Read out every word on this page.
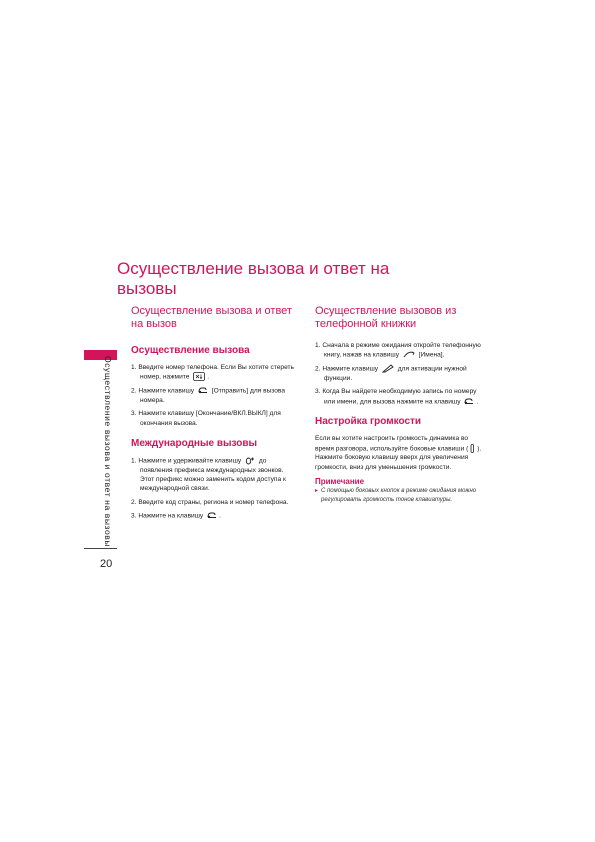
Осуществление вызова и ответ на вызовы
Осуществление вызова и ответ на вызовы
20
Осуществление вызова и ответ на вызов
Осуществление вызова
1. Введите номер телефона. Если Вы хотите стереть номер, нажмите	.
2. Нажмите клавишу	[Отправить] для вызова номера.
3. Нажмите клавишу [Окончание/ВКЛ.ВЫКЛ] для окончания вызова.
Международные вызовы
1. Нажмите и удерживайте клавишу	до появления префикса международных звонков. Этот префикс можно заменить кодом доступа к международной связи.
2. Введите код страны, региона и номер телефона.
3. Нажмите на клавишу .
Осуществление вызовов из телефонной книжки
1. Сначала в режиме ожидания откройте телефонную книгу, нажав на клавишу	[Имена].
2. Нажмите клавишу	для активации нужной функции.
3. Когда Вы найдете необходимую запись по номеру или имени, для вызова нажмите на клавишу .
Настройка громкости

Если вы хотите настроить громкость динамика во время разговора, используйте боковые клавиши ( ). Нажмите боковую клавишу вверх для увеличения громкости, вниз для уменьшения громкости.

Примечание
▸ С помощью боковых кнопок в режиме ожидания можно регулировать громкость тонов клавиатуры.
